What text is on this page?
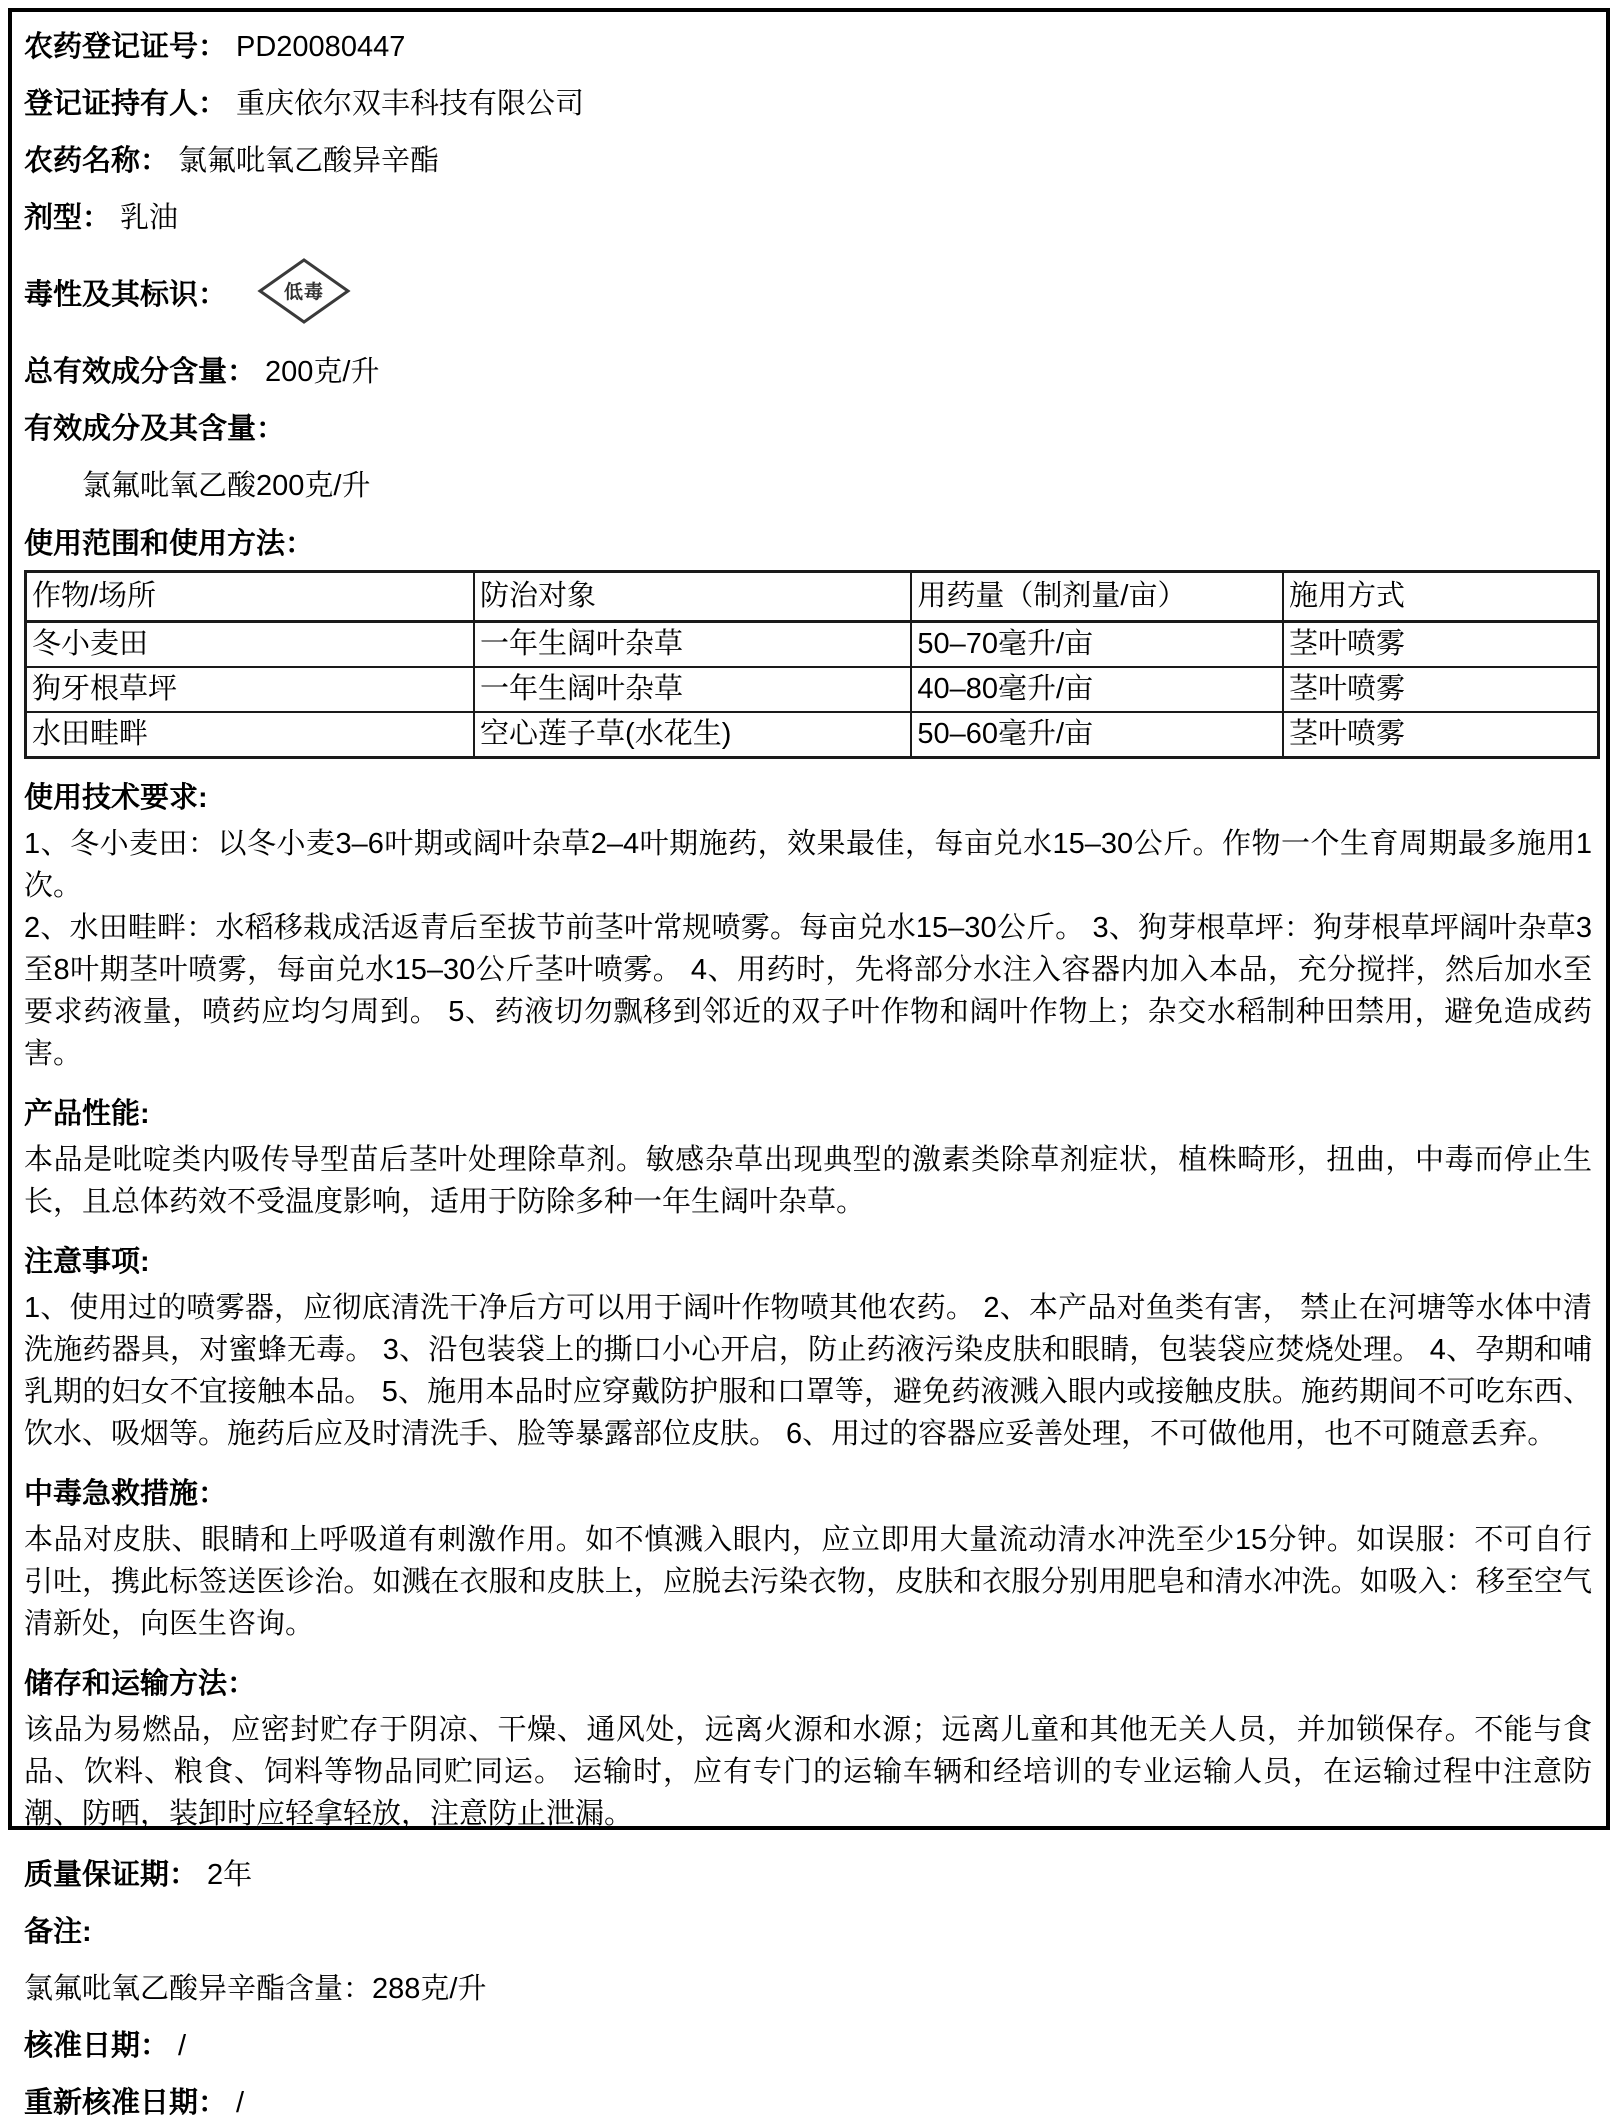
农药登记证号： PD20080447
登记证持有人： 重庆依尔双丰科技有限公司
农药名称： 氯氟吡氧乙酸异辛酯
剂型： 乳油
毒性及其标识：	低毒
总有效成分含量： 200克/升
有效成分及其含量：
氯氟吡氧乙酸200克/升
使用范围和使用方法：
作物/场所	防治对象	用药量（制剂量/亩）	施用方式
冬小麦田	一年生阔叶杂草	50–70毫升/亩	茎叶喷雾
狗牙根草坪	一年生阔叶杂草	40–80毫升/亩	茎叶喷雾
水田畦畔	空心莲子草(水花生)	50–60毫升/亩	茎叶喷雾
使用技术要求:

1、冬小麦田：以冬小麦3–6叶期或阔叶杂草2–4叶期施药，效果最佳，每亩兑水15–30公斤。作物一个生育周期最多施用1次。

2、水田畦畔：水稻移栽成活返青后至拔节前茎叶常规喷雾。每亩兑水15–30公斤。 3、狗芽根草坪：狗芽根草坪阔叶杂草3至8叶期茎叶喷雾，每亩兑水15–30公斤茎叶喷雾。 4、用药时，先将部分水注入容器内加入本品，充分搅拌，然后加水至要求药液量，喷药应均匀周到。 5、药液切勿飘移到邻近的双子叶作物和阔叶作物上；杂交水稻制种田禁用，避免造成药害。

产品性能:

本品是吡啶类内吸传导型苗后茎叶处理除草剂。敏感杂草出现典型的激素类除草剂症状，植株畸形，扭曲，中毒而停止生长，且总体药效不受温度影响，适用于防除多种一年生阔叶杂草。

注意事项:

1、使用过的喷雾器，应彻底清洗干净后方可以用于阔叶作物喷其他农药。 2、本产品对鱼类有害， 禁止在河塘等水体中清洗施药器具，对蜜蜂无毒。 3、沿包装袋上的撕口小心开启，防止药液污染皮肤和眼睛，包装袋应焚烧处理。 4、孕期和哺乳期的妇女不宜接触本品。 5、施用本品时应穿戴防护服和口罩等，避免药液溅入眼内或接触皮肤。施药期间不可吃东西、饮水、吸烟等。施药后应及时清洗手、脸等暴露部位皮肤。 6、用过的容器应妥善处理，不可做他用，也不可随意丢弃。

中毒急救措施：

本品对皮肤、眼睛和上呼吸道有刺激作用。如不慎溅入眼内，应立即用大量流动清水冲洗至少15分钟。如误服：不可自行引吐，携此标签送医诊治。如溅在衣服和皮肤上，应脱去污染衣物，皮肤和衣服分别用肥皂和清水冲洗。如吸入：移至空气清新处，向医生咨询。

储存和运输方法：

该品为易燃品，应密封贮存于阴凉、干燥、通风处，远离火源和水源；远离儿童和其他无关人员，并加锁保存。不能与食品、饮料、粮食、饲料等物品同贮同运。 运输时，应有专门的运输车辆和经培训的专业运输人员，在运输过程中注意防潮、防晒，装卸时应轻拿轻放，注意防止泄漏。

质量保证期： 2年
备注:
氯氟吡氧乙酸异辛酯含量：288克/升
核准日期： /
重新核准日期： /
